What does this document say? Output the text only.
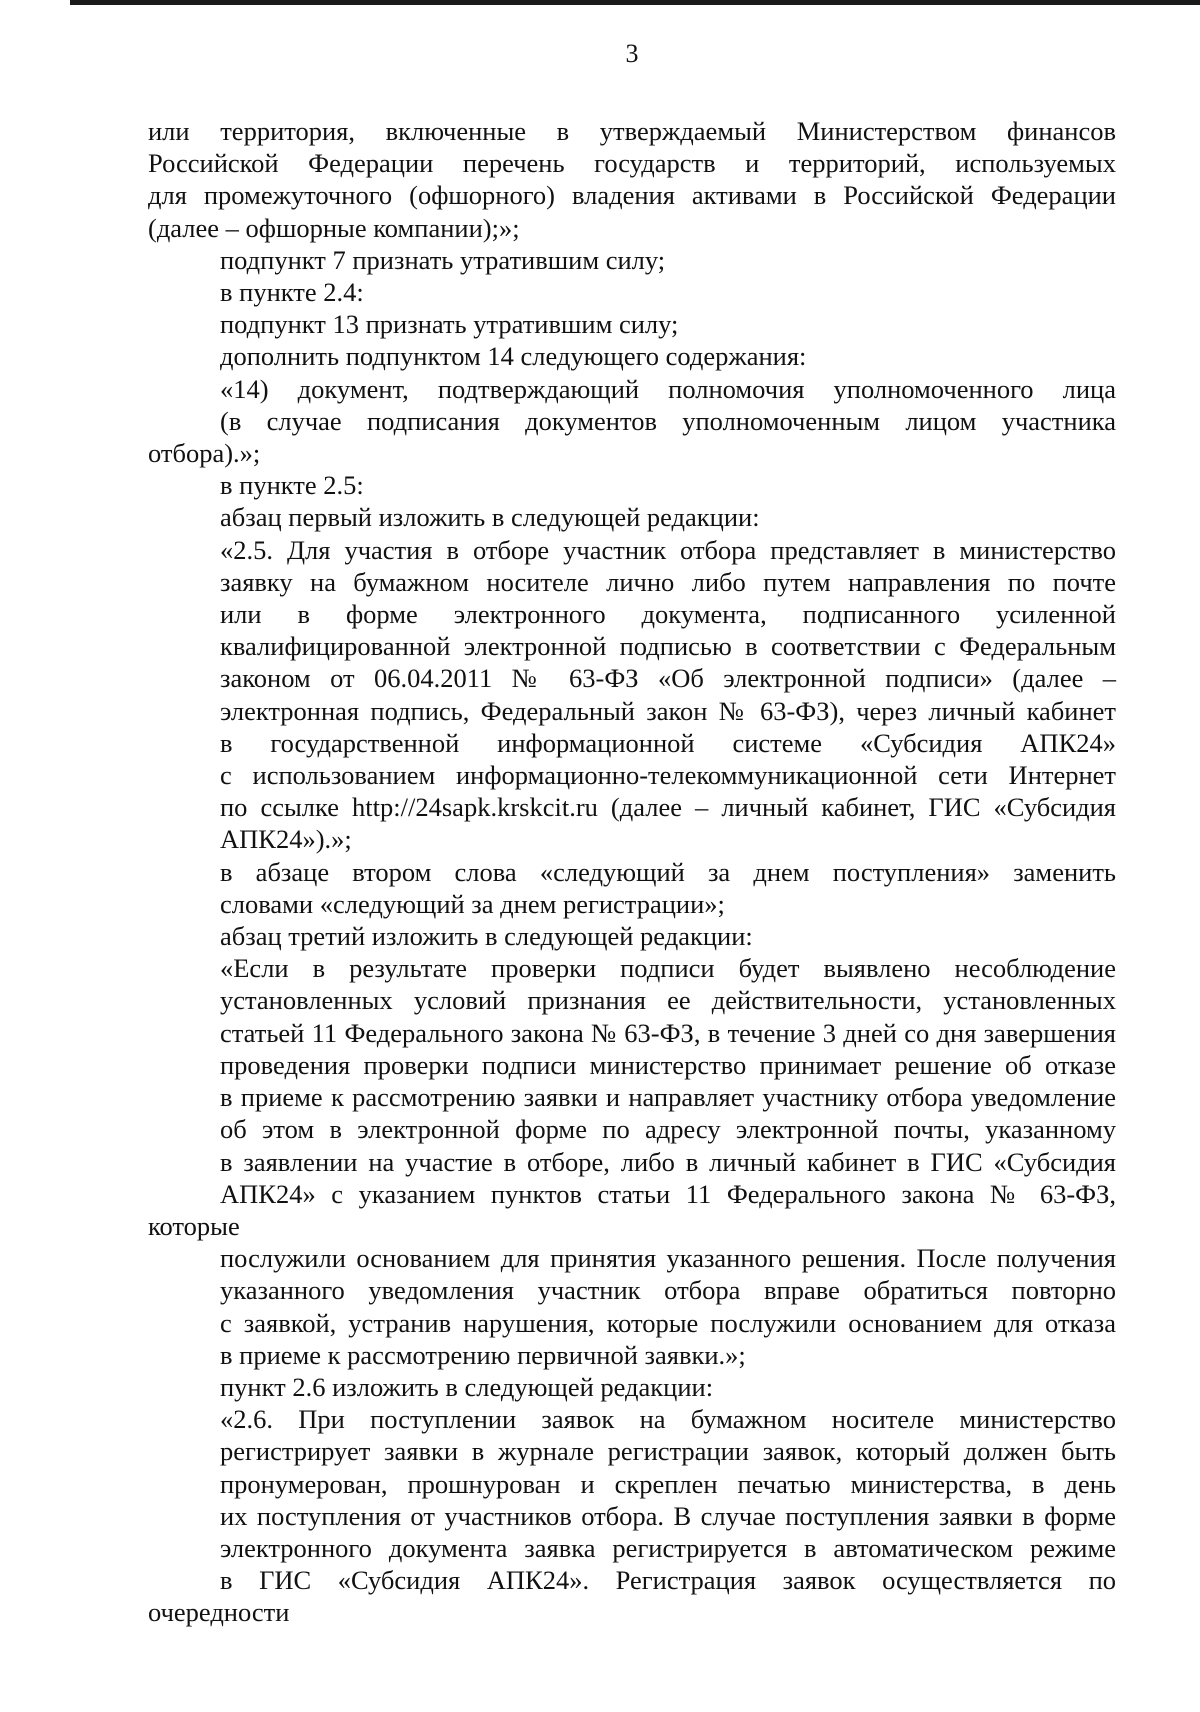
3
или территория, включенные в утверждаемый Министерством финансов
Российской Федерации перечень государств и территорий, используемых
для промежуточного (офшорного) владения активами в Российской Федерации
(далее – офшорные компании);»;
подпункт 7 признать утратившим силу;
в пункте 2.4:
подпункт 13 признать утратившим силу;
дополнить подпунктом 14 следующего содержания:
«14) документ, подтверждающий полномочия уполномоченного лица
(в случае подписания документов уполномоченным лицом участника отбора).»;
в пункте 2.5:
абзац первый изложить в следующей редакции:
«2.5. Для участия в отборе участник отбора представляет в министерство
заявку на бумажном носителе лично либо путем направления по почте
или в форме электронного документа, подписанного усиленной
квалифицированной электронной подписью в соответствии с Федеральным
законом от 06.04.2011 № 63-ФЗ «Об электронной подписи» (далее –
электронная подпись, Федеральный закон № 63-ФЗ), через личный кабинет
в государственной информационной системе «Субсидия АПК24»
с использованием информационно-телекоммуникационной сети Интернет
по ссылке http://24sapk.krskcit.ru (далее – личный кабинет, ГИС «Субсидия
АПК24»).»;
в абзаце втором слова «следующий за днем поступления» заменить
словами «следующий за днем регистрации»;
абзац третий изложить в следующей редакции:
«Если в результате проверки подписи будет выявлено несоблюдение
установленных условий признания ее действительности, установленных
статьей 11 Федерального закона № 63-ФЗ, в течение 3 дней со дня завершения
проведения проверки подписи министерство принимает решение об отказе
в приеме к рассмотрению заявки и направляет участнику отбора уведомление
об этом в электронной форме по адресу электронной почты, указанному
в заявлении на участие в отборе, либо в личный кабинет в ГИС «Субсидия
АПК24» с указанием пунктов статьи 11 Федерального закона № 63-ФЗ, которые
послужили основанием для принятия указанного решения. После получения
указанного уведомления участник отбора вправе обратиться повторно
с заявкой, устранив нарушения, которые послужили основанием для отказа
в приеме к рассмотрению первичной заявки.»;
пункт 2.6 изложить в следующей редакции:
«2.6. При поступлении заявок на бумажном носителе министерство
регистрирует заявки в журнале регистрации заявок, который должен быть
пронумерован, прошнурован и скреплен печатью министерства, в день
их поступления от участников отбора. В случае поступления заявки в форме
электронного документа заявка регистрируется в автоматическом режиме
в ГИС «Субсидия АПК24». Регистрация заявок осуществляется по очередности
